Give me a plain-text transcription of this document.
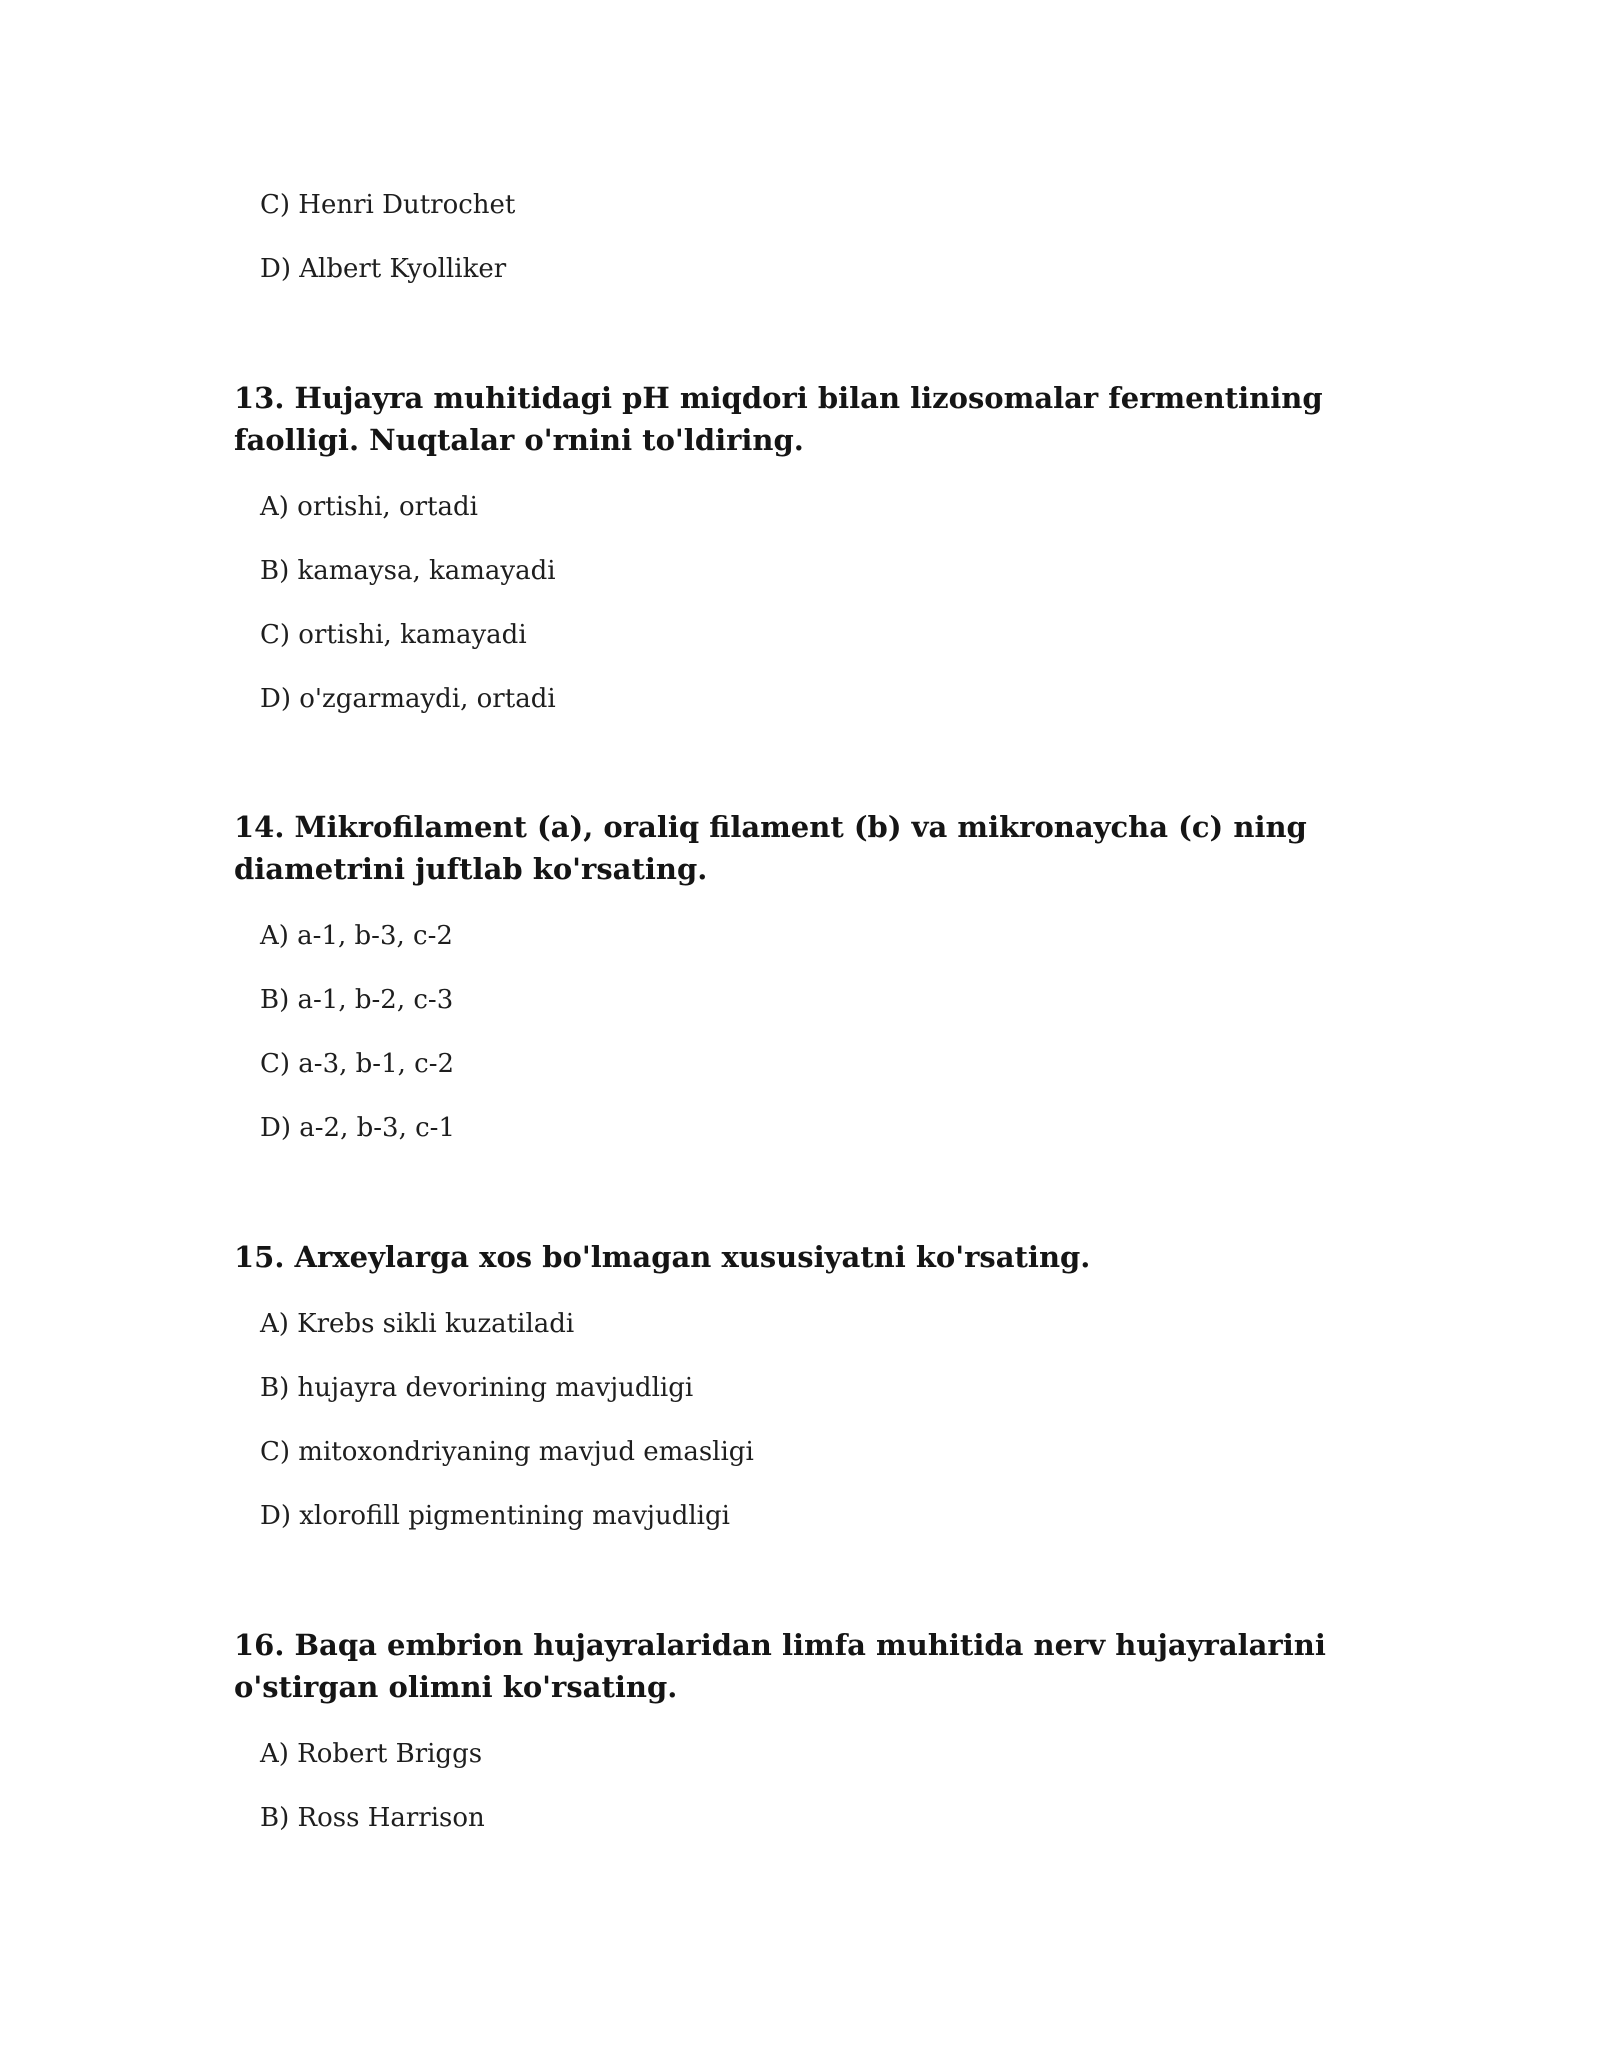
C) Henri Dutrochet
D) Albert Kyolliker
13. Hujayra muhitidagi pH miqdori bilan lizosomalar fermentining faolligi. Nuqtalar o'rnini to'ldiring.
A) ortishi, ortadi
B) kamaysa, kamayadi
C) ortishi, kamayadi
D) o'zgarmaydi, ortadi
14. Mikrofilament (a), oraliq filament (b) va mikronaycha (c) ning diametrini juftlab ko'rsating.
A) a-1, b-3, c-2
B) a-1, b-2, c-3
C) a-3, b-1, c-2
D) a-2, b-3, c-1
15. Arxeylarga xos bo'lmagan xususiyatni ko'rsating.
A) Krebs sikli kuzatiladi
B) hujayra devorining mavjudligi
C) mitoxondriyaning mavjud emasligi
D) xlorofill pigmentining mavjudligi
16. Baqa embrion hujayralaridan limfa muhitida nerv hujayralarini o'stirgan olimni ko'rsating.
A) Robert Briggs
B) Ross Harrison
